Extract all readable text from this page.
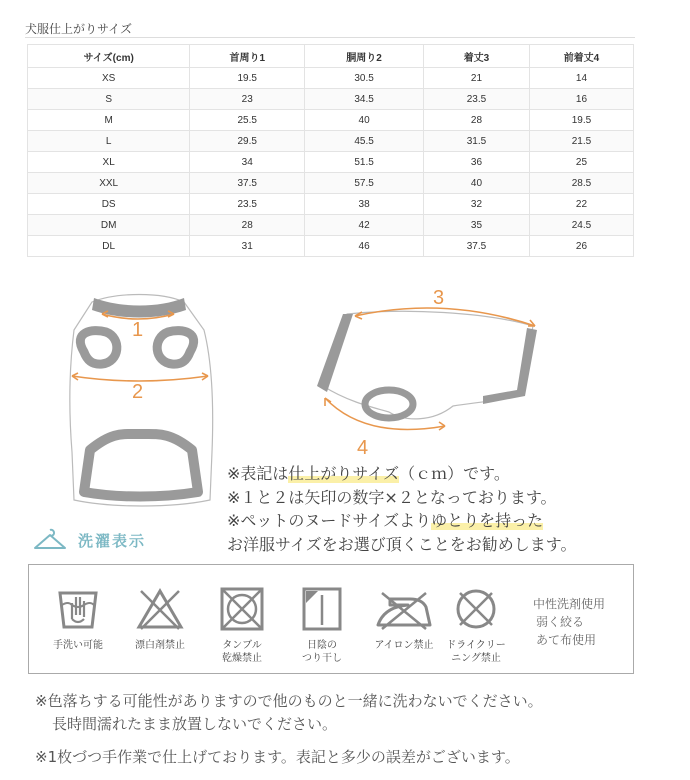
犬服仕上がりサイズ
サイズ(cm)	首周り1	胴周り2	着丈3	前着丈4
XS	19.5	30.5	21	14
S	23	34.5	23.5	16
M	25.5	40	28	19.5
L	29.5	45.5	31.5	21.5
XL	34	51.5	36	25
XXL	37.5	57.5	40	28.5
DS	23.5	38	32	22
DM	28	42	35	24.5
DL	31	46	37.5	26
1
2
3
4

※表記は仕上がりサイズ（ｃｍ）です。

※１と２は矢印の数字×２となっております。

※ペットのヌードサイズよりゆとりを持った

お洋服サイズをお選び頂くことをお勧めします。

洗濯表示
手洗い可能	漂白剤禁止	タンブル
乾燥禁止
日陰の
つり干し
アイロン禁止	ドライクリー
ニング禁止
中性洗剤使用
弱く絞る
あて布使用
※色落ちする可能性がありますので他のものと一緒に洗わないでください。
長時間濡れたまま放置しないでください。
※1枚づつ手作業で仕上げております。表記と多少の誤差がございます。
